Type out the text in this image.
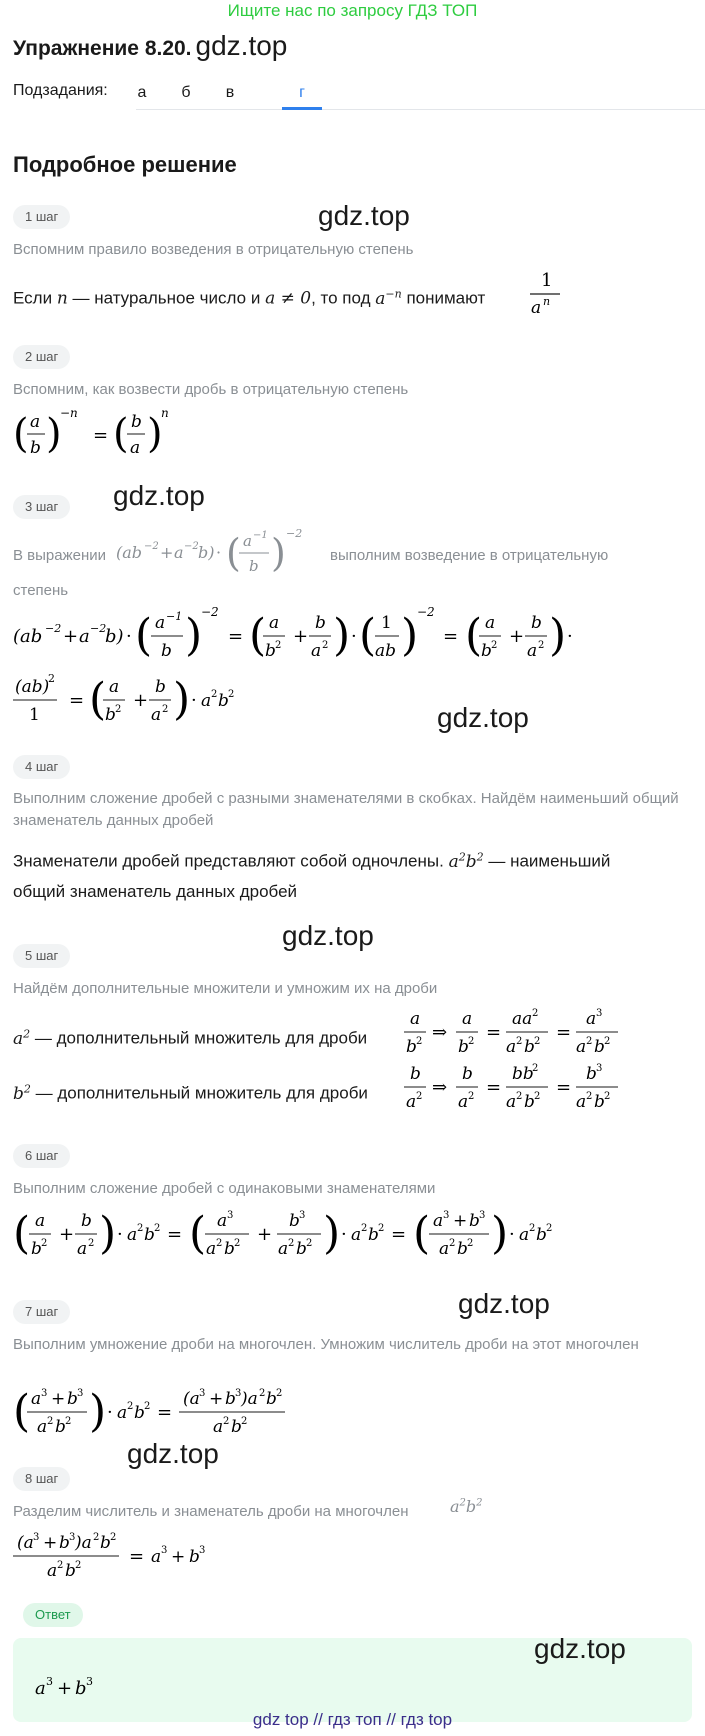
Ищите нас по запросу ГДЗ ТОП
Упражнение 8.20. gdz.top
Подзадания:	а	б	в	г
Подробное решение
1 шаг	gdz.top
Вспомним правило возведения в отрицательную степень
Если n — натуральное число и a ≠ 0, то под $a^{-n}$ понимают
1
a n
2 шаг
Вспомним, как возвести дробь в отрицательную степень
( a
b )
−n
= ( b
a )
n
3 шаг	gdz.top
В выражении (ab −2 + a −2 b) · ( a −1
b ) −2
выполним возведение в отрицательную
степень
(ab −2 + a −2
b) · ( a −1
b )
−2
= ( a
b 2 +
b
a 2 ) · ( 1
ab )
−2
= ( a
b 2 +
b
a 2 ) ·
(ab)
2
1
= ( a
b 2 +
b
a 2 ) · a 2 b 2
gdz.top
4 шаг
Выполним сложение дробей с разными знаменателями в скобках. Найдём наименьший общий знаменатель данных дробей
Знаменатели дробей представляют собой одночлены. $a^2b^2$ — наименьший
общий знаменатель данных дробей
gdz.top
5 шаг
Найдём дополнительные множители и умножим их на дроби
$a^2$ — дополнительный множитель для дроби
a
b 2 ⇒
a
b 2 =
aa 2
a 2 b 2 =
a 3
a 2 b 2
$b^2$ — дополнительный множитель для дроби
b
a 2 ⇒
b
a 2 =
bb
2
a 2 b 2 =
b 3
a 2 b 2
6 шаг
Выполним сложение дробей с одинаковыми знаменателями
( a
b 2 +
b
a 2 ) · a 2 b 2 = ( a 3
a 2 b 2 +
b 3
a 2 b 2 ) · a 2 b 2 = ( a 3 + b 3
a 2 b 2 ) · a 2 b 2
gdz.top
7 шаг
Выполним умножение дроби на многочлен. Умножим числитель дроби на этот многочлен
( a 3 + b 3
a 2 b 2 ) · a 2 b 2 =
(a 3 + b 3 )a 2 b 2
a 2 b 2
gdz.top
8 шаг
Разделим числитель и знаменатель дроби на многочлен	$a^2b^2$
(a 3 + b 3 )a 2 b 2
a 2 b 2	= a 3 + b 3
Ответ
a 3 + b 3
gdz.top
gdz top // гдз топ // гдз top
